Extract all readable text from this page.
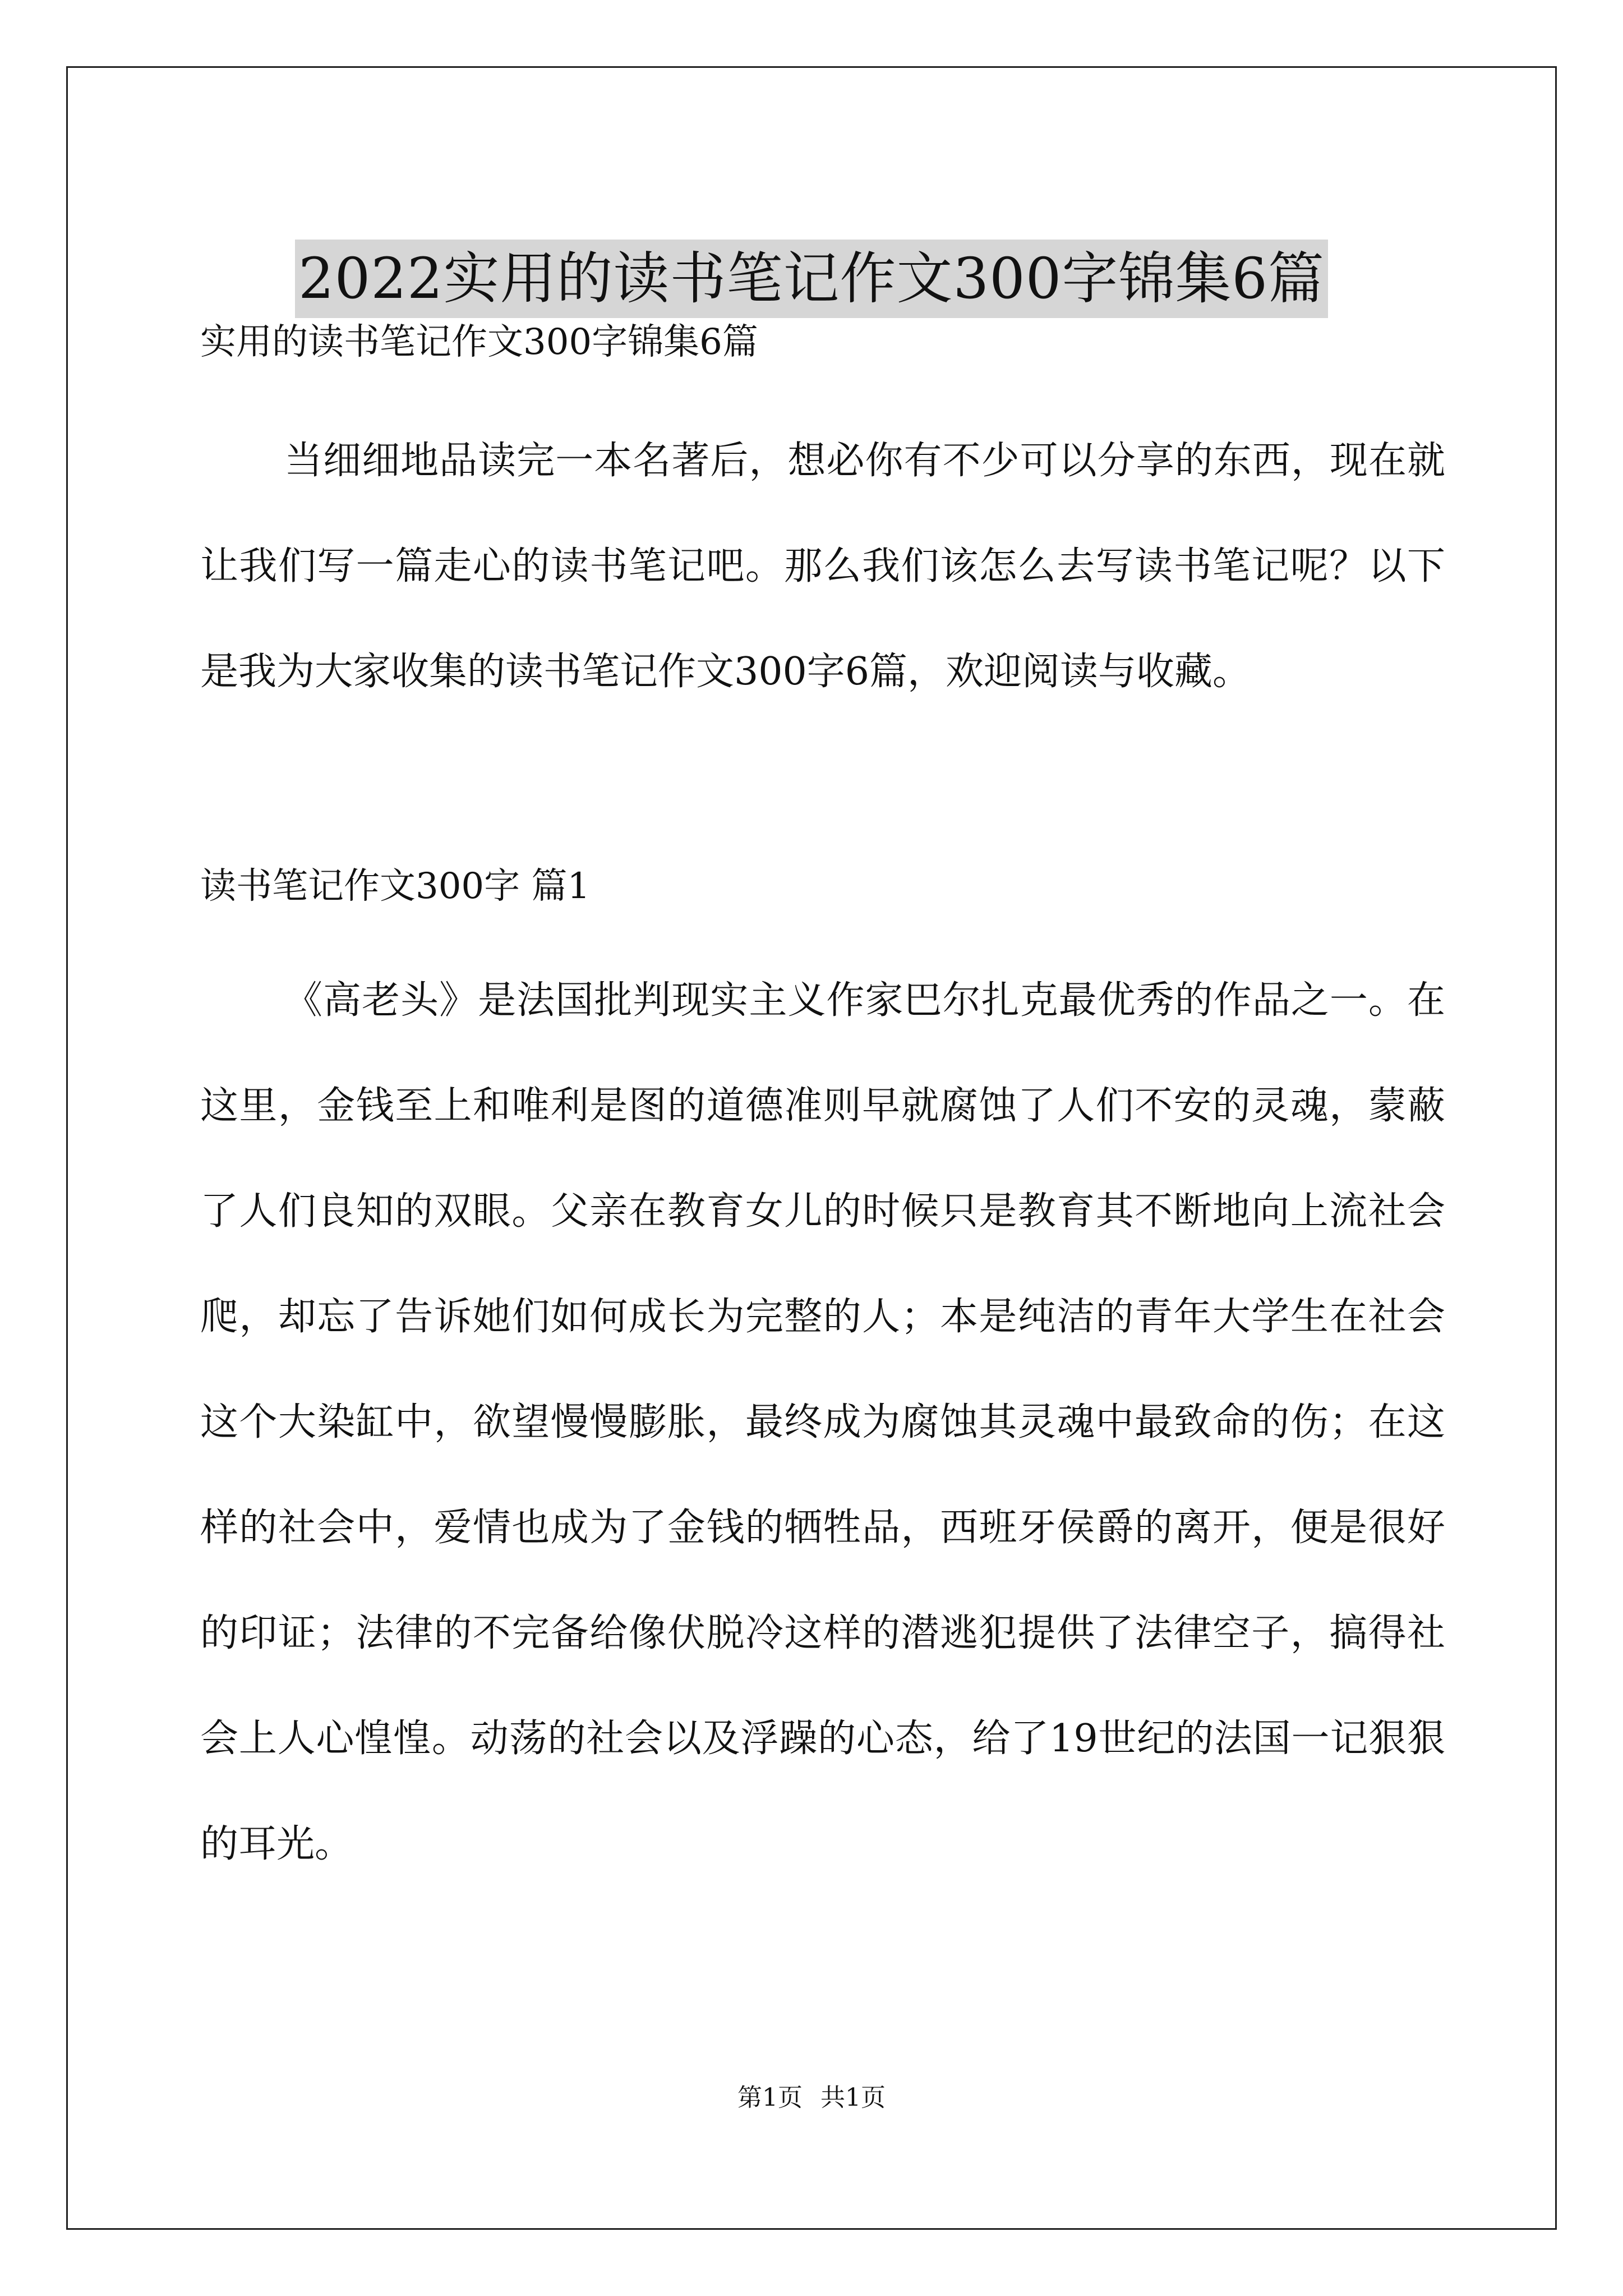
2022实用的读书笔记作文300字锦集6篇
实用的读书笔记作文300字锦集6篇

当细细地品读完一本名著后，想必你有不少可以分享的东西，现在就让我们写一篇走心的读书笔记吧。那么我们该怎么去写读书笔记呢？以下是我为大家收集的读书笔记作文300字6篇，欢迎阅读与收藏。

读书笔记作文300字 篇1

《高老头》是法国批判现实主义作家巴尔扎克最优秀的作品之一。在这里，金钱至上和唯利是图的道德准则早就腐蚀了人们不安的灵魂，蒙蔽了人们良知的双眼。父亲在教育女儿的时候只是教育其不断地向上流社会爬，却忘了告诉她们如何成长为完整的人；本是纯洁的青年大学生在社会这个大染缸中，欲望慢慢膨胀，最终成为腐蚀其灵魂中最致命的伤；在这样的社会中，爱情也成为了金钱的牺牲品，西班牙侯爵的离开，便是很好的印证；法律的不完备给像伏脱冷这样的潜逃犯提供了法律空子，搞得社会上人心惶惶。动荡的社会以及浮躁的心态，给了19世纪的法国一记狠狠的耳光。

第1页 共1页
